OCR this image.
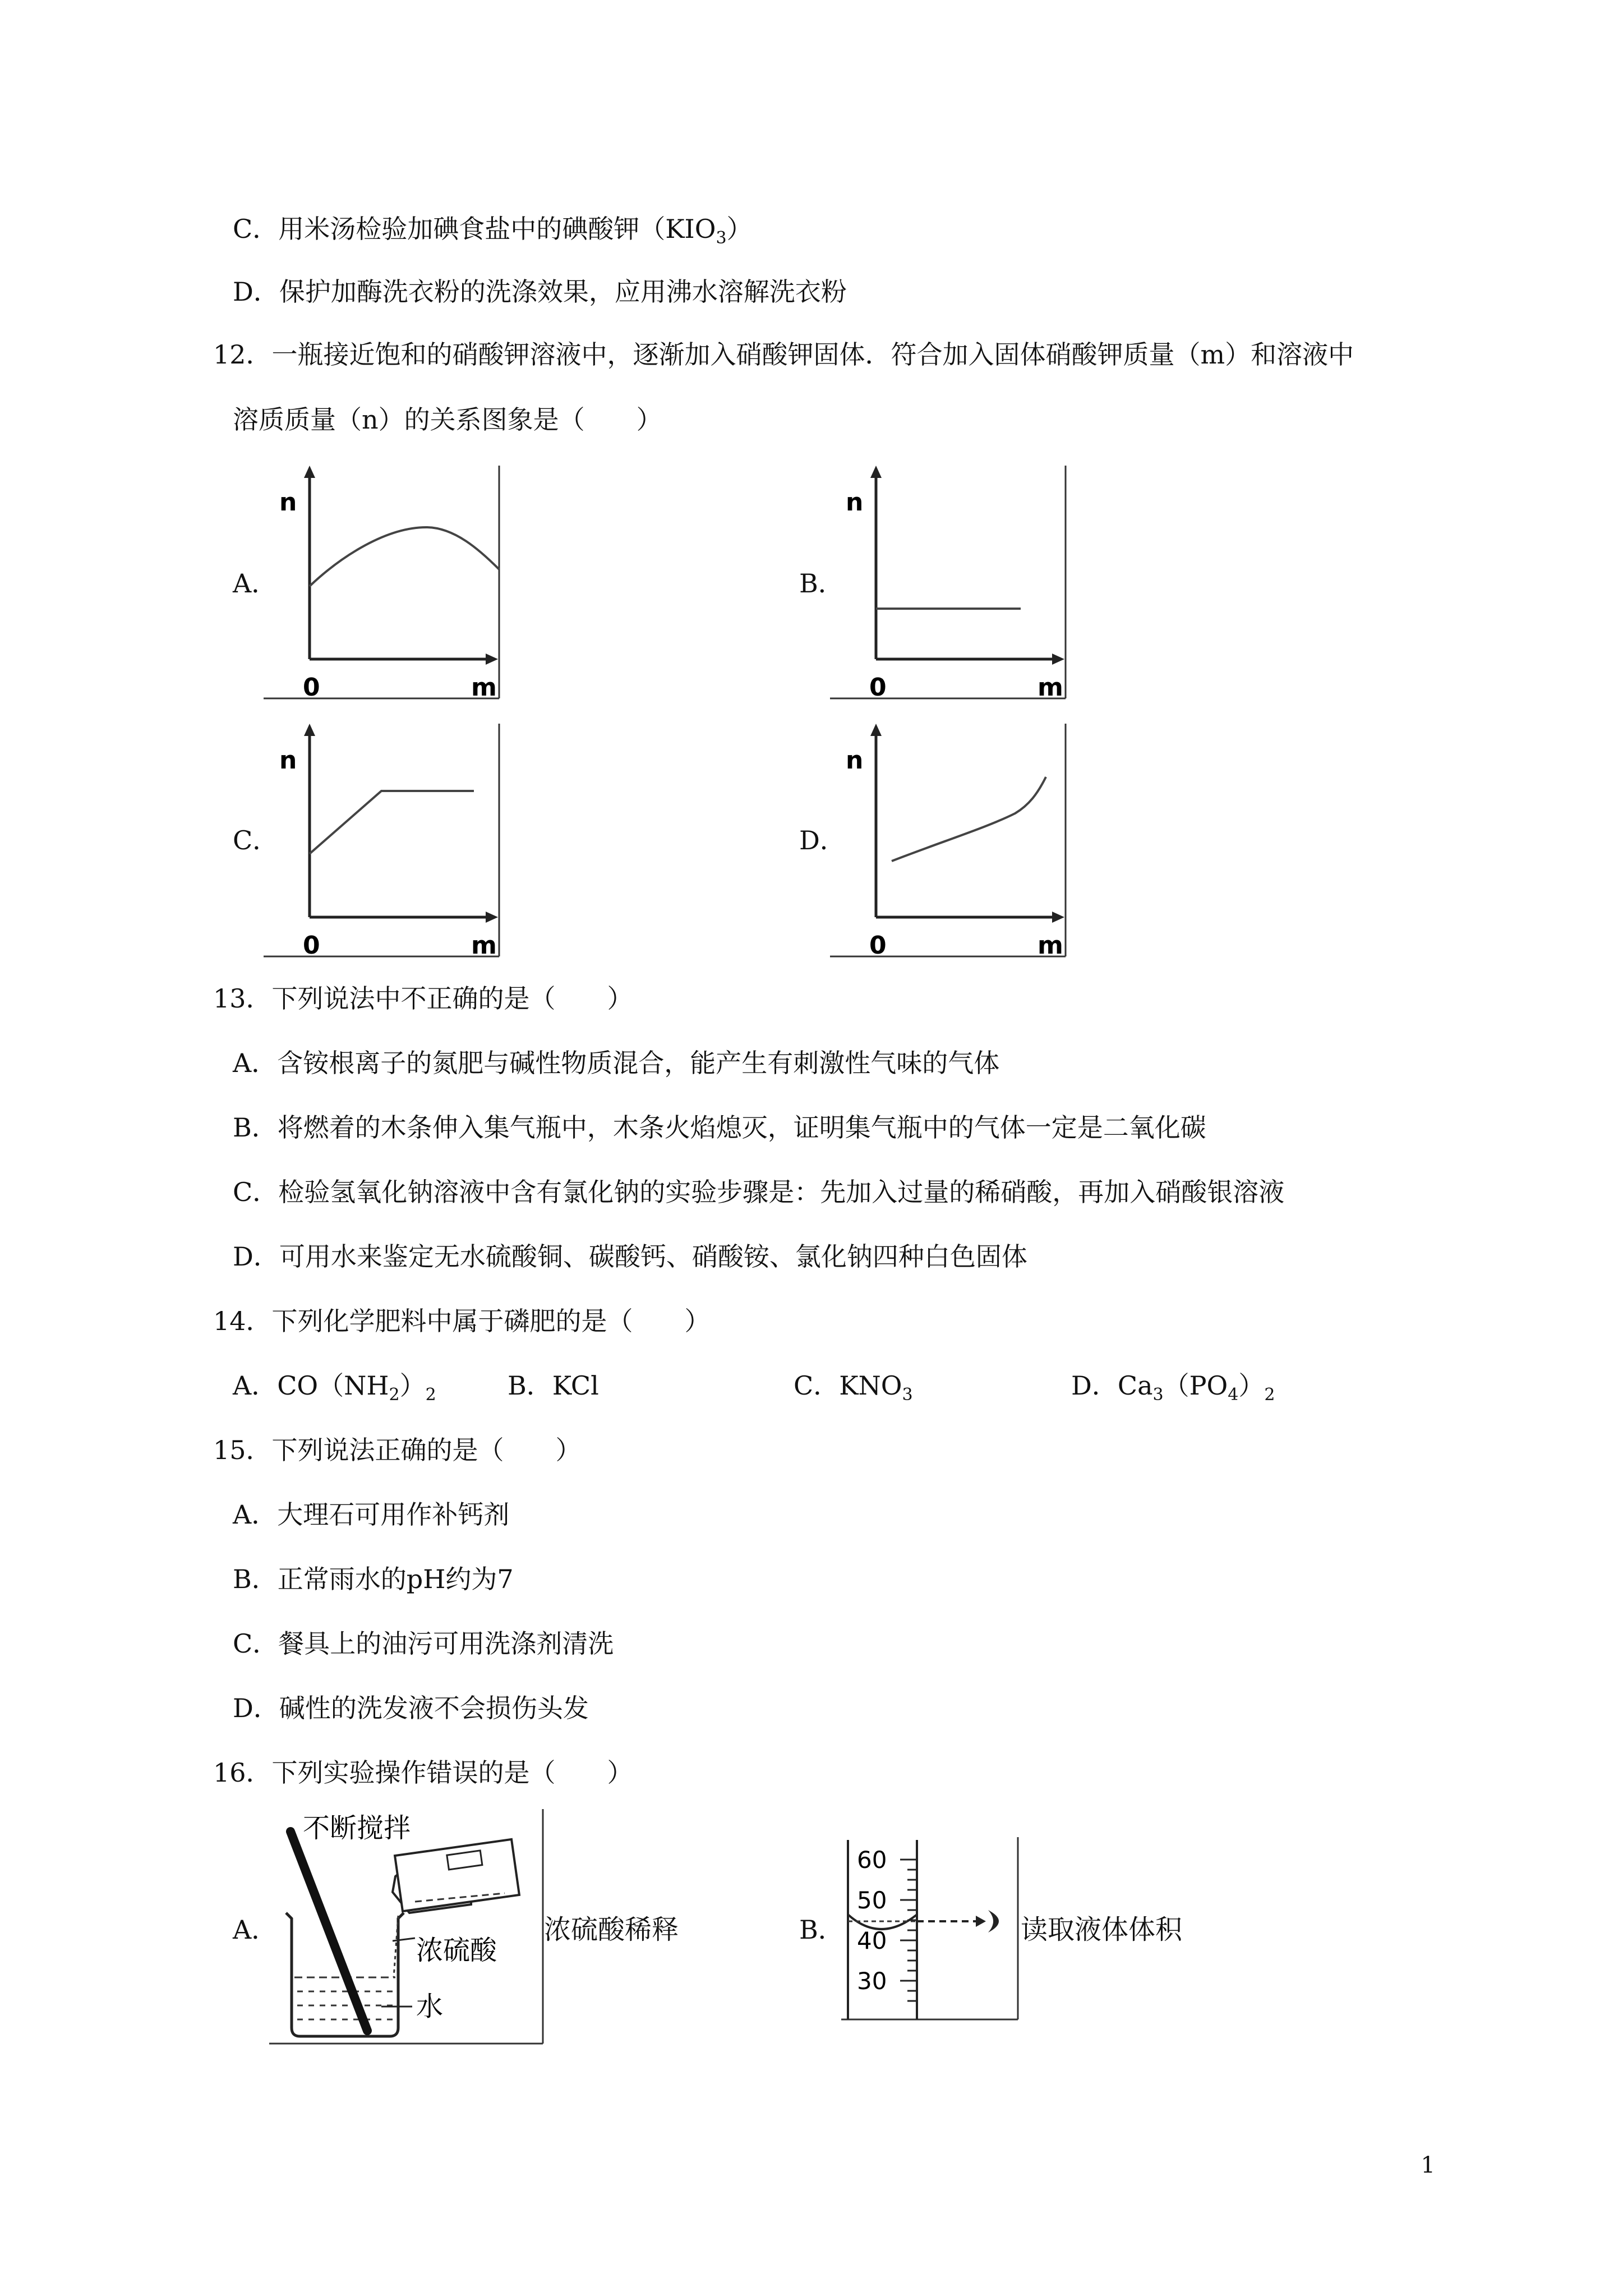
C．用米汤检验加碘食盐中的碘酸钾$(KIO_3)$
D．保护加酶洗衣粉的洗涤效果，应用沸水溶解洗衣粉
12．一瓶接近饱和的硝酸钾溶液中，逐渐加入硝酸钾固体．符合加入固体硝酸钾质量（m）和溶液中
溶质质量（n）的关系图象是（　　）
A．	B．
C．	D．
n
0	m
n
0	m
n
0	m
n
0	m
13．下列说法中不正确的是（　　）
A．含铵根离子的氮肥与碱性物质混合，能产生有刺激性气味的气体
B．将燃着的木条伸入集气瓶中，木条火焰熄灭，证明集气瓶中的气体一定是二氧化碳
C．检验氢氧化钠溶液中含有氯化钠的实验步骤是：先加入过量的稀硝酸，再加入硝酸银溶液
D．可用水来鉴定无水硫酸铜、碳酸钙、硝酸铵、氯化钠四种白色固体
14．下列化学肥料中属于磷肥的是（　　）
A．$CO(NH_2)_2$	B．KCl	C．$KNO_3$	D．$Ca_3(PO_4)_2$
15．下列说法正确的是（　　）
A．大理石可用作补钙剂
B．正常雨水的pH约为7
C．餐具上的油污可用洗涤剂清洗
D．碱性的洗发液不会损伤头发
16．下列实验操作错误的是（　　）
A．	B．
不断搅拌
浓硫酸
水
浓硫酸稀释
60
50
40
30
读取液体体积
1
